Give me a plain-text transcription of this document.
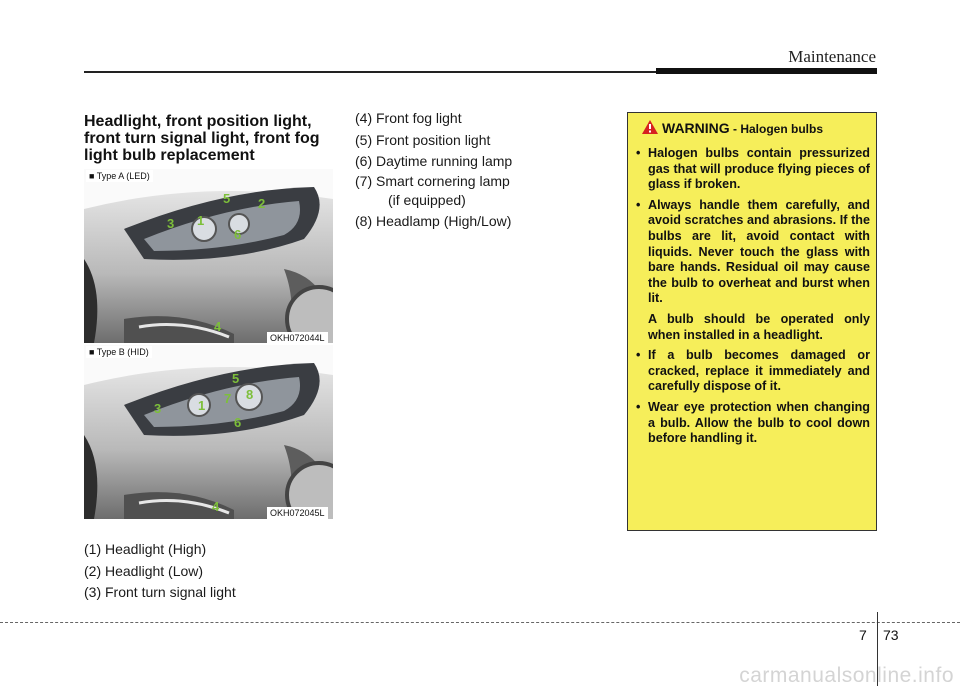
Maintenance
Headlight, front position light, front turn signal light, front fog light bulb replacement
5 2
3 1
6
4
■ Type A (LED)
OKH072044L
5
3	1 7 8
6
4
■ Type B (HID)
OKH072045L
(1) Headlight (High)
(2) Headlight (Low)
(3) Front turn signal light
(4) Front fog light
(5) Front position light
(6) Daytime running lamp
(7) Smart cornering lamp
(if equipped)
(8) Headlamp (High/Low)
WARNING - Halogen bulbs
• Halogen bulbs contain pressurized gas that will produce flying pieces of glass if broken.

• Always handle them carefully, and avoid scratches and abrasions. If the bulbs are lit, avoid contact with liquids. Never touch the glass with bare hands. Residual oil may cause the bulb to overheat and burst when lit.

A bulb should be operated only when installed in a headlight.

• If a bulb becomes damaged or cracked, replace it immediately and carefully dispose of it.

• Wear eye protection when changing a bulb. Allow the bulb to cool down before handling it.

7 73
carmanualsonline.info
